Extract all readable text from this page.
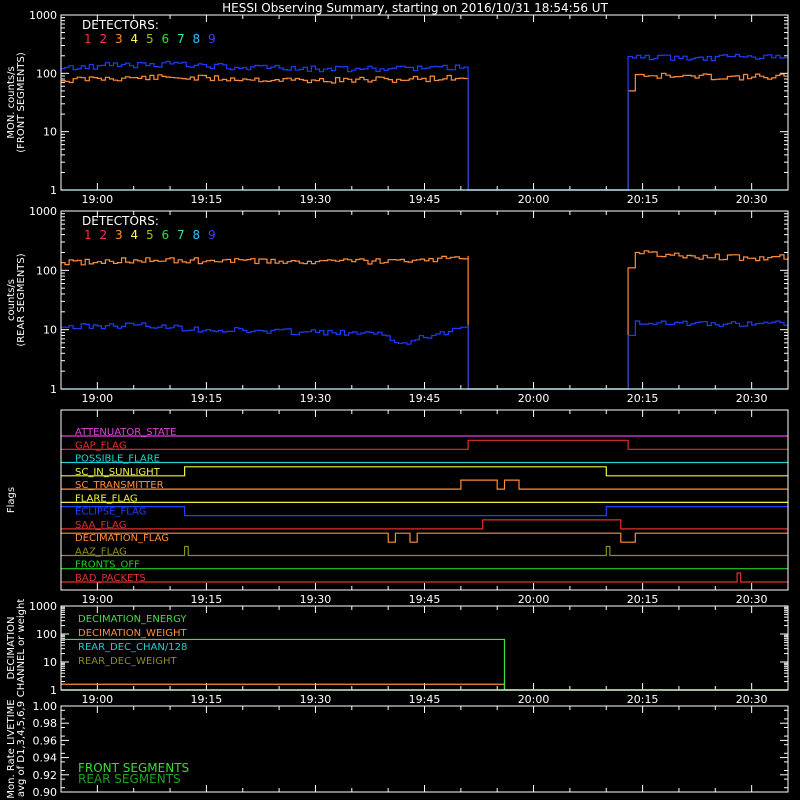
HESSI Observing Summary, starting on 2016/10/31 18:54:56 UT
1000
100
10
1
19:00	19:15	19:30	19:45	20:00	20:15	20:30
MON. counts/s (FRONT SEGMENTS)
DETECTORS:
1 2 3 4 5 6 7 8 9
1000
100
10
1
19:00	19:15	19:30	19:45	20:00	20:15	20:30
counts/s (REAR SEGMENTS)
DETECTORS:
1 2 3 4 5 6 7 8 9
19:00	19:15	19:30	19:45	20:00	20:15	20:30
Flags
ATTENUATOR_STATE
GAP_FLAG
POSSIBLE_FLARE
SC_IN_SUNLIGHT
SC_TRANSMITTER
FLARE_FLAG
ECLIPSE_FLAG
SAA_FLAG
DECIMATION_FLAG
AAZ_FLAG
FRONTS_OFF
BAD_PACKETS
1000
100
10
1
19:00	19:15	19:30	19:45	20:00	20:15	20:30
DECIMATION CHANNEL or weight	DECIMATION_ENERGY
DECIMATION_WEIGHT
REAR_DEC_CHAN/128
REAR_DEC_WEIGHT
Mon. Rate LIVETIME avg of D1,3,4,5,6,9 1.00
0.98
0.96
0.94
0.92
0.90
FRONT SEGMENTS
REAR SEGMENTS
